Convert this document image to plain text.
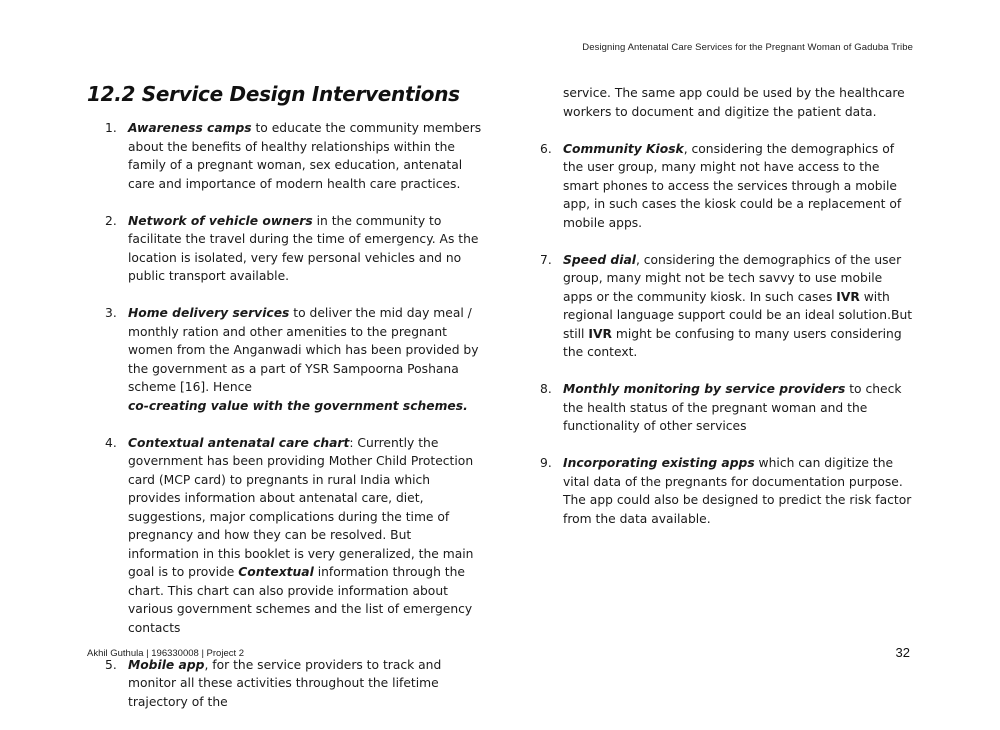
Designing Antenatal Care Services for the Pregnant Woman of Gaduba Tribe
12.2 Service Design Interventions
1. Awareness camps to educate the community members about the benefits of healthy relationships within the family of a pregnant woman, sex education, antenatal care and importance of modern health care practices.
2. Network of vehicle owners in the community to facilitate the travel during the time of emergency. As the location is isolated, very few personal vehicles and no public transport available.
3. Home delivery services to deliver the mid day meal / monthly ration and other amenities to the pregnant women from the Anganwadi which has been provided by the government as a part of YSR Sampoorna Poshana scheme [16]. Hence
co-creating value with the government schemes.
4. Contextual antenatal care chart: Currently the government has been providing Mother Child Protection card (MCP card) to pregnants in rural India which provides information about antenatal care, diet, suggestions, major complications during the time of pregnancy and how they can be resolved. But information in this booklet is very generalized, the main goal is to provide Contextual information through the chart. This chart can also provide information about various government schemes and the list of emergency contacts
5. Mobile app, for the service providers to track and monitor all these activities throughout the lifetime trajectory of the
service. The same app could be used by the healthcare workers to document and digitize the patient data.
6. Community Kiosk, considering the demographics of the user group, many might not have access to the smart phones to access the services through a mobile app, in such cases the kiosk could be a replacement of mobile apps.
7. Speed dial, considering the demographics of the user group, many might not be tech savvy to use mobile apps or the community kiosk. In such cases IVR with regional language support could be an ideal solution.But still IVR might be confusing to many users considering the context.
8. Monthly monitoring by service providers to check the health status of the pregnant woman and the functionality of other services
9. Incorporating existing apps which can digitize the vital data of the pregnants for documentation purpose. The app could also be designed to predict the risk factor from the data available.
Akhil Guthula | 196330008 | Project 2	32
